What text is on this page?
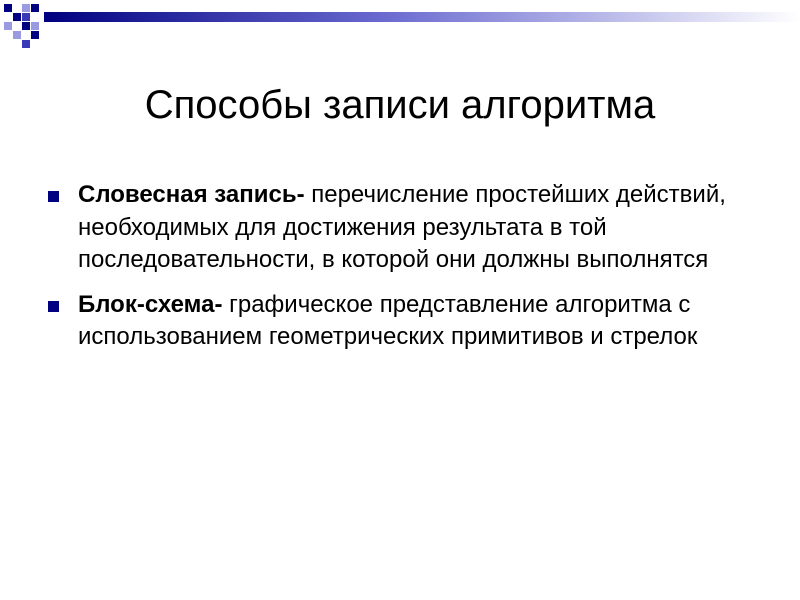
Способы записи алгоритма
Словесная запись- перечисление простейших действий, необходимых для достижения результата в той последовательности, в которой они должны выполнятся
Блок-схема- графическое представление алгоритма с использованием геометрических примитивов и стрелок
